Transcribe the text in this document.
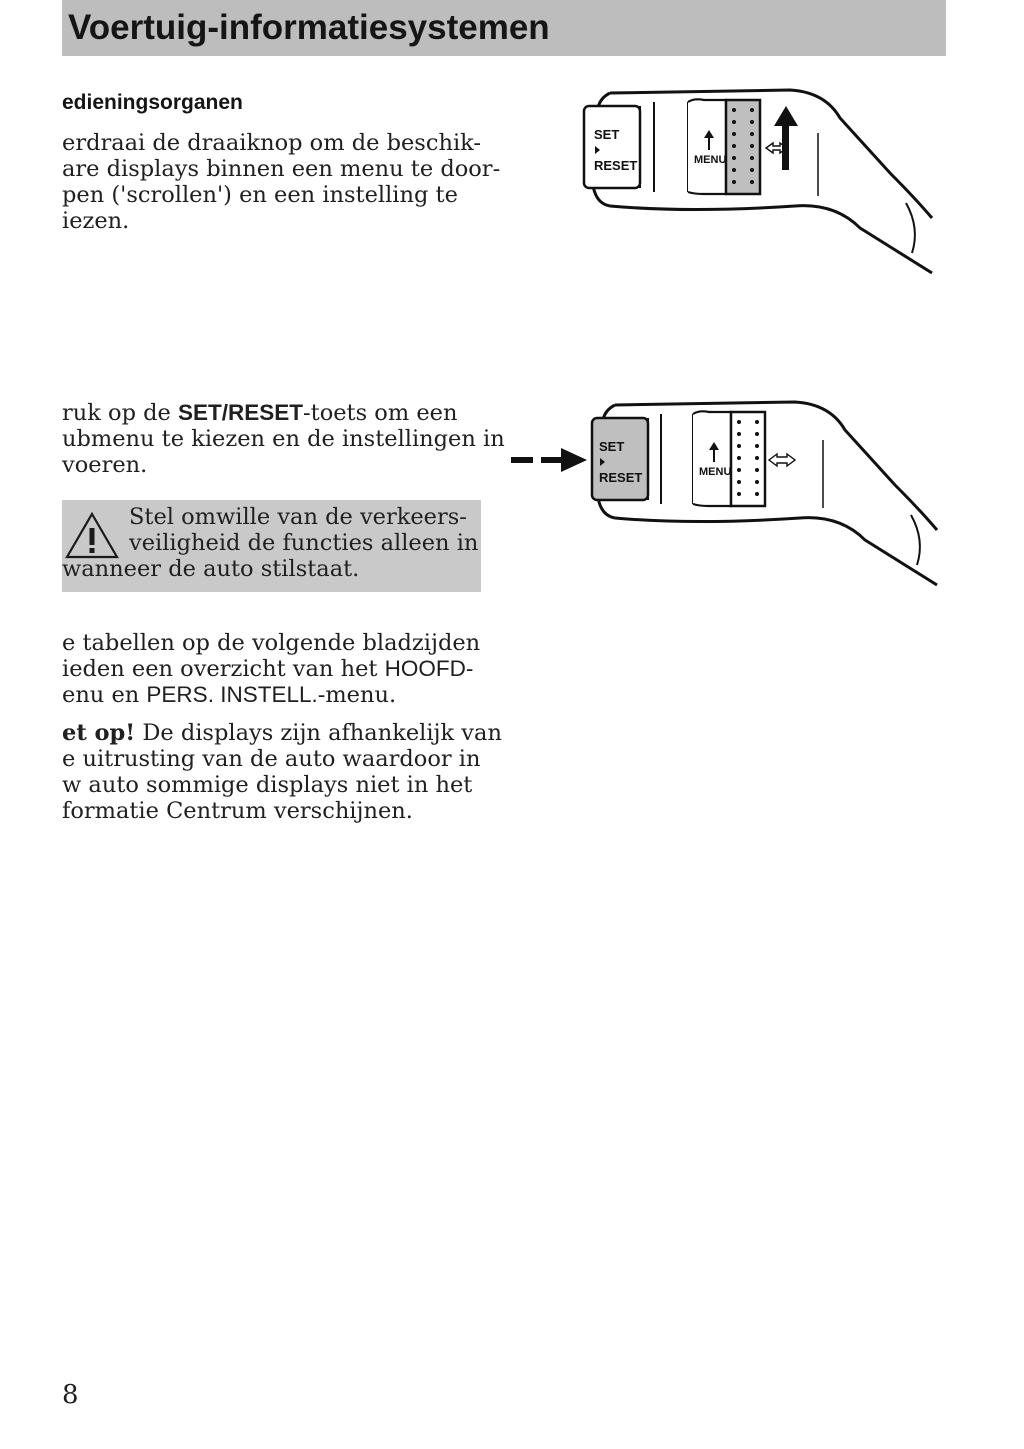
Voertuig-informatiesystemen
edieningsorganen

erdraai de draaiknop om de beschik-
are displays binnen een menu te door-
pen ('scrollen') en een instelling te
iezen.

ruk op de SET/RESET-toets om een
ubmenu te kiezen en de instellingen in
voeren.

Stel omwille van de verkeers-
veiligheid de functies alleen in
wanneer de auto stilstaat.

e tabellen op de volgende bladzijden
ieden een overzicht van het HOOFD-
enu en PERS. INSTELL.-menu.

et op! De displays zijn afhankelijk van
e uitrusting van de auto waardoor in
w auto sommige displays niet in het
formatie Centrum verschijnen.

SET
RESET	MENU
SET
RESET	MENU

8
